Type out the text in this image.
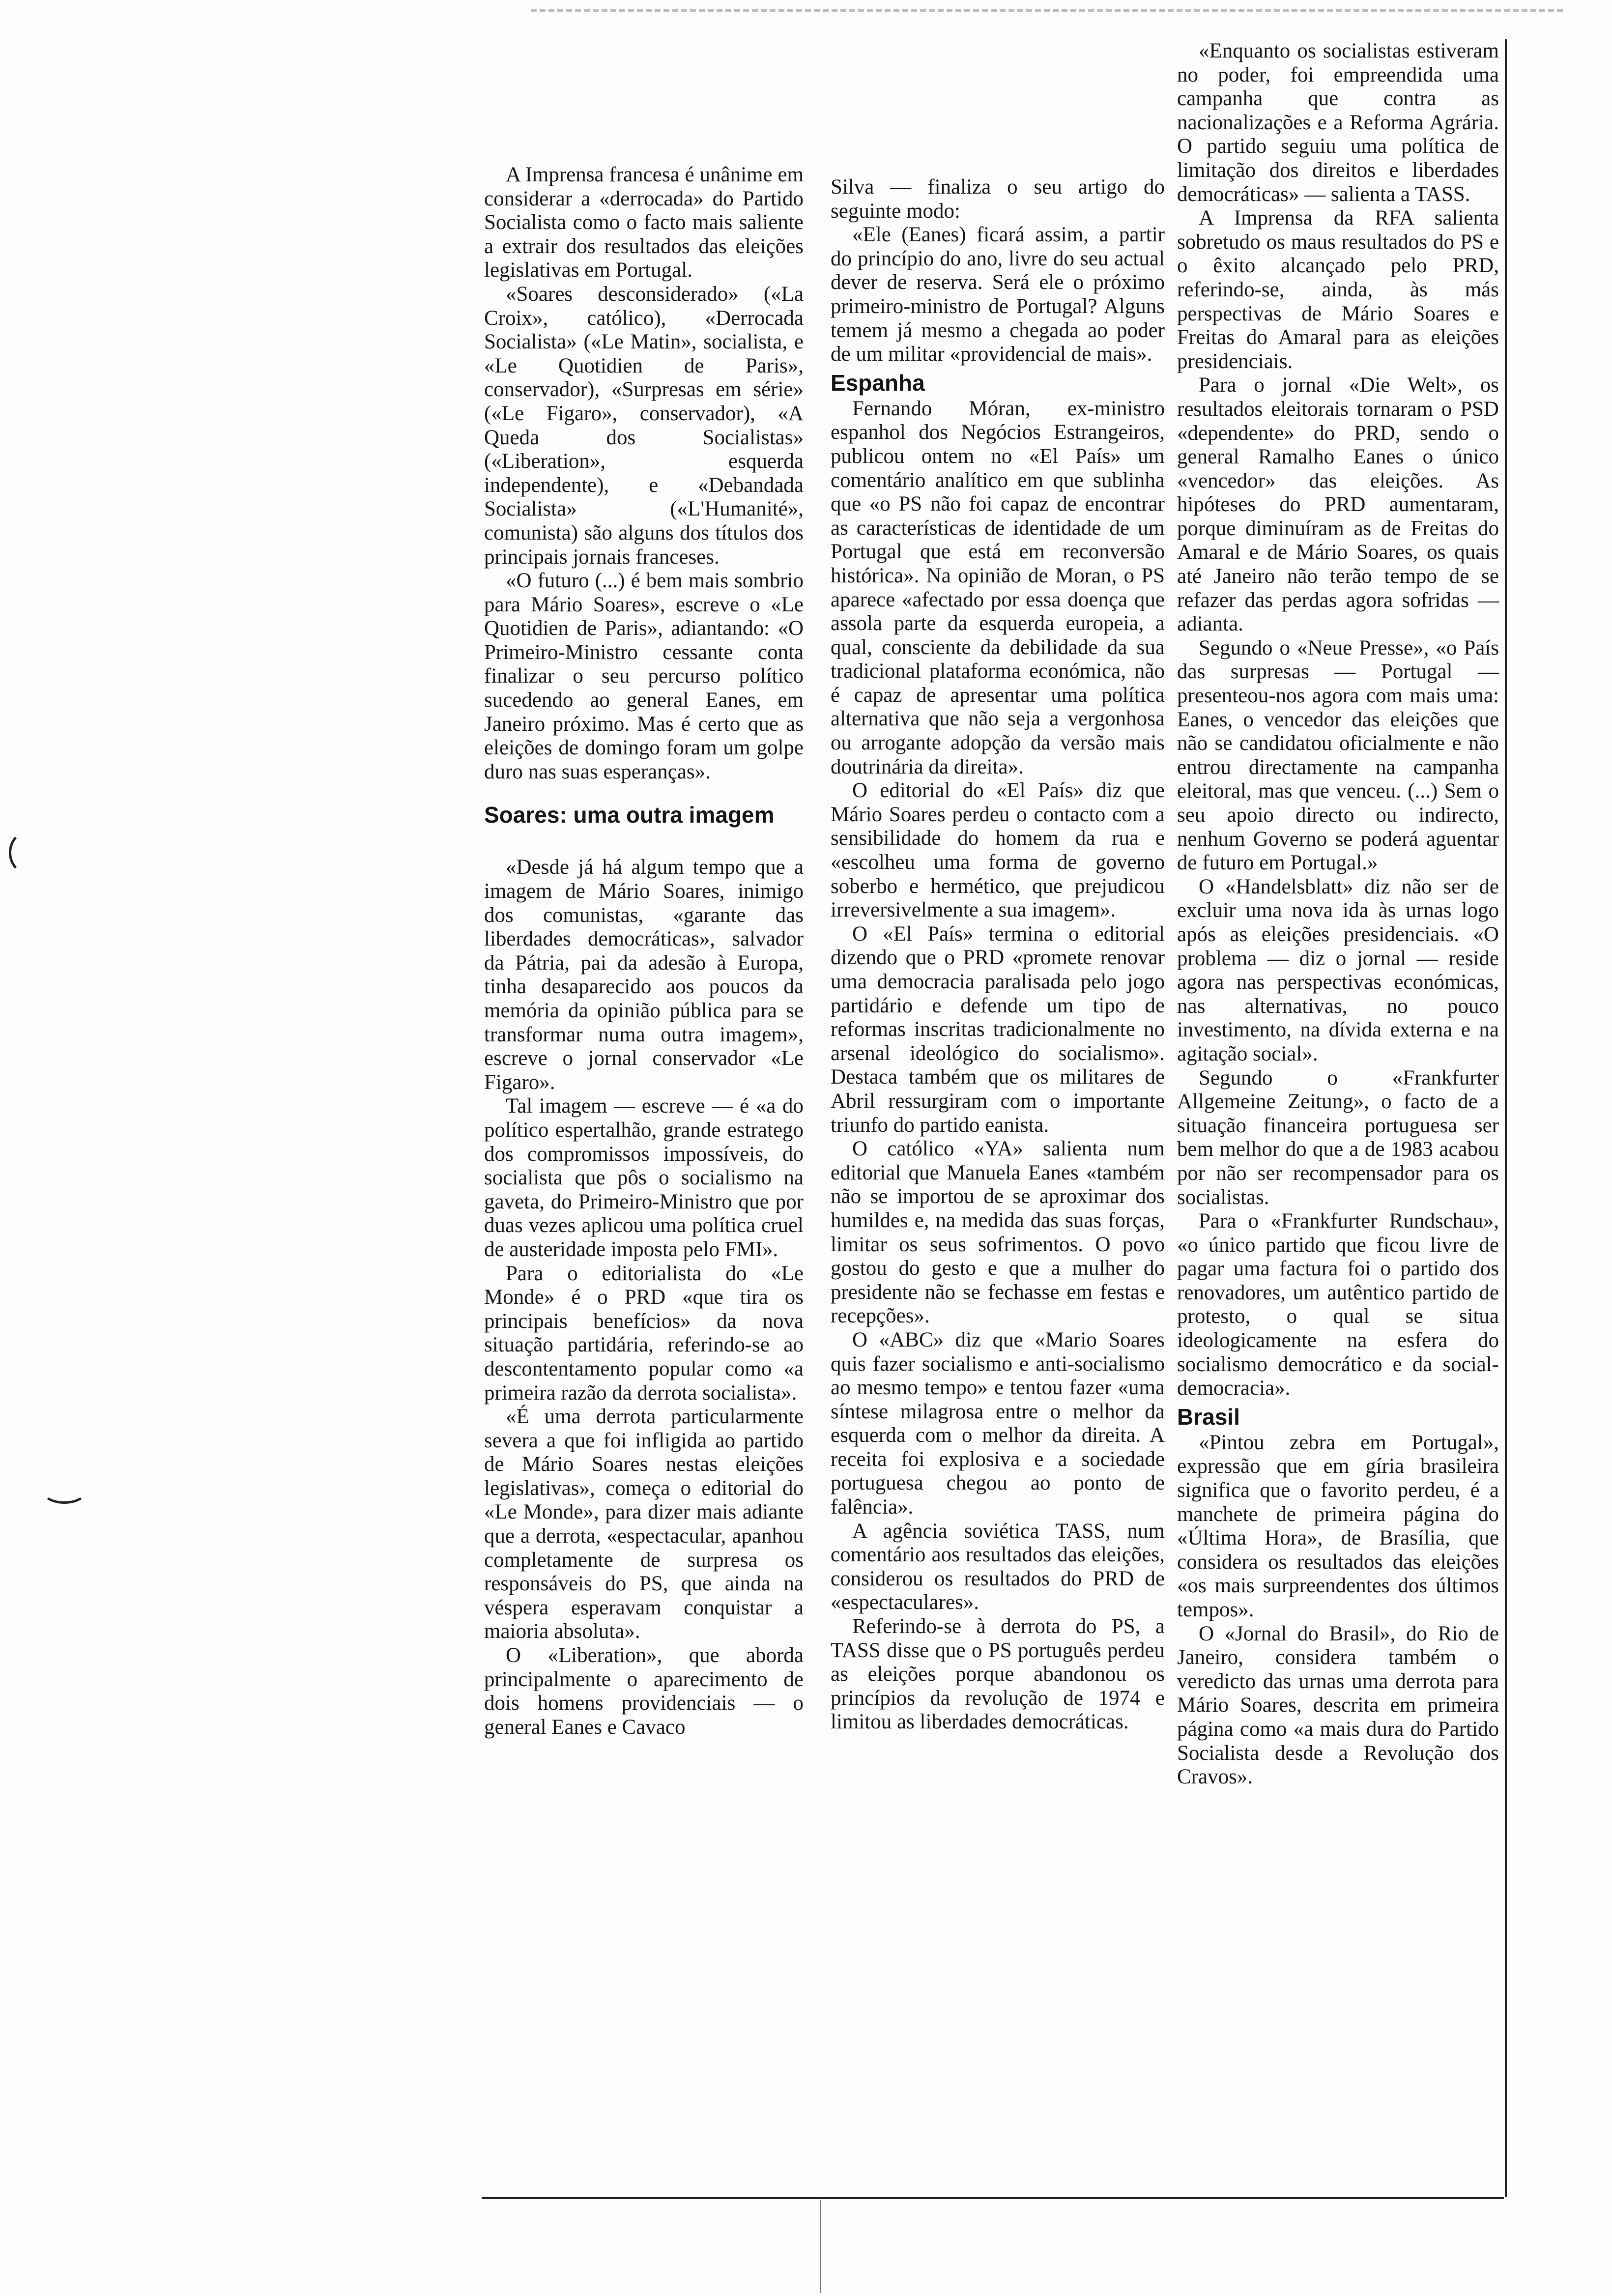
A Imprensa francesa é unânime em considerar a «derrocada» do Partido Socialista como o facto mais saliente a extrair dos resultados das eleições legislativas em Portugal.

«Soares desconsiderado» («La Croix», católico), «Derrocada Socialista» («Le Matin», socialista, e «Le Quotidien de Paris», conservador), «Surpresas em série» («Le Figaro», conservador), «A Queda dos Socialistas» («Liberation», esquerda independente), e «Debandada Socialista» («L'Humanité», comunista) são alguns dos títulos dos principais jornais franceses.

«O futuro (...) é bem mais sombrio para Mário Soares», escreve o «Le Quotidien de Paris», adiantando: «O Primeiro-Ministro cessante conta finalizar o seu percurso político sucedendo ao general Eanes, em Janeiro próximo. Mas é certo que as eleições de domingo foram um golpe duro nas suas esperanças».

Soares: uma outra imagem

«Desde já há algum tempo que a imagem de Mário Soares, inimigo dos comunistas, «garante das liberdades democráticas», salvador da Pátria, pai da adesão à Europa, tinha desaparecido aos poucos da memória da opinião pública para se transformar numa outra imagem», escreve o jornal conservador «Le Figaro».

Tal imagem — escreve — é «a do político espertalhão, grande estratego dos compromissos impossíveis, do socialista que pôs o socialismo na gaveta, do Primeiro-Ministro que por duas vezes aplicou uma política cruel de austeridade imposta pelo FMI».

Para o editorialista do «Le Monde» é o PRD «que tira os principais benefícios» da nova situação partidária, referindo-se ao descontentamento popular como «a primeira razão da derrota socialista».

«É uma derrota particularmente severa a que foi infligida ao partido de Mário Soares nestas eleições legislativas», começa o editorial do «Le Monde», para dizer mais adiante que a derrota, «espectacular, apanhou completamente de surpresa os responsáveis do PS, que ainda na véspera esperavam conquistar a maioria absoluta».

O «Liberation», que aborda principalmente o aparecimento de dois homens providenciais — o general Eanes e Cavaco

Silva — finaliza o seu artigo do seguinte modo:

«Ele (Eanes) ficará assim, a partir do princípio do ano, livre do seu actual dever de reserva. Será ele o próximo primeiro-ministro de Portugal? Alguns temem já mesmo a chegada ao poder de um militar «providencial de mais».

Espanha

Fernando Móran, ex-ministro espanhol dos Negócios Estrangeiros, publicou ontem no «El País» um comentário analítico em que sublinha que «o PS não foi capaz de encontrar as características de identidade de um Portugal que está em reconversão histórica». Na opinião de Moran, o PS aparece «afectado por essa doença que assola parte da esquerda europeia, a qual, consciente da debilidade da sua tradicional plataforma económica, não é capaz de apresentar uma política alternativa que não seja a vergonhosa ou arrogante adopção da versão mais doutrinária da direita».

O editorial do «El País» diz que Mário Soares perdeu o contacto com a sensibilidade do homem da rua e «escolheu uma forma de governo soberbo e hermético, que prejudicou irreversivelmente a sua imagem».

O «El País» termina o editorial dizendo que o PRD «promete renovar uma democracia paralisada pelo jogo partidário e defende um tipo de reformas inscritas tradicionalmente no arsenal ideológico do socialismo». Destaca também que os militares de Abril ressurgiram com o importante triunfo do partido eanista.

O católico «YA» salienta num editorial que Manuela Eanes «também não se importou de se aproximar dos humildes e, na medida das suas forças, limitar os seus sofrimentos. O povo gostou do gesto e que a mulher do presidente não se fechasse em festas e recepções».

O «ABC» diz que «Mario Soares quis fazer socialismo e anti-socialismo ao mesmo tempo» e tentou fazer «uma síntese milagrosa entre o melhor da esquerda com o melhor da direita. A receita foi explosiva e a sociedade portuguesa chegou ao ponto de falência».

A agência soviética TASS, num comentário aos resultados das eleições, considerou os resultados do PRD de «espectaculares».

Referindo-se à derrota do PS, a TASS disse que o PS português perdeu as eleições porque abandonou os princípios da revolução de 1974 e limitou as liberdades democráticas.

«Enquanto os socialistas estiveram no poder, foi empreendida uma campanha que contra as nacionalizações e a Reforma Agrária. O partido seguiu uma política de limitação dos direitos e liberdades democráticas» — salienta a TASS.

A Imprensa da RFA salienta sobretudo os maus resultados do PS e o êxito alcançado pelo PRD, referindo-se, ainda, às más perspectivas de Mário Soares e Freitas do Amaral para as eleições presidenciais.

Para o jornal «Die Welt», os resultados eleitorais tornaram o PSD «dependente» do PRD, sendo o general Ramalho Eanes o único «vencedor» das eleições. As hipóteses do PRD aumentaram, porque diminuíram as de Freitas do Amaral e de Mário Soares, os quais até Janeiro não terão tempo de se refazer das perdas agora sofridas — adianta.

Segundo o «Neue Presse», «o País das surpresas — Portugal — presenteou-nos agora com mais uma: Eanes, o vencedor das eleições que não se candidatou oficialmente e não entrou directamente na campanha eleitoral, mas que venceu. (...) Sem o seu apoio directo ou indirecto, nenhum Governo se poderá aguentar de futuro em Portugal.»

O «Handelsblatt» diz não ser de excluir uma nova ida às urnas logo após as eleições presidenciais. «O problema — diz o jornal — reside agora nas perspectivas económicas, nas alternativas, no pouco investimento, na dívida externa e na agitação social».

Segundo o «Frankfurter Allgemeine Zeitung», o facto de a situação financeira portuguesa ser bem melhor do que a de 1983 acabou por não ser recompensador para os socialistas.

Para o «Frankfurter Rundschau», «o único partido que ficou livre de pagar uma factura foi o partido dos renovadores, um autêntico partido de protesto, o qual se situa ideologicamente na esfera do socialismo democrático e da social-democracia».

Brasil

«Pintou zebra em Portugal», expressão que em gíria brasileira significa que o favorito perdeu, é a manchete de primeira página do «Última Hora», de Brasília, que considera os resultados das eleições «os mais surpreendentes dos últimos tempos».

O «Jornal do Brasil», do Rio de Janeiro, considera também o veredicto das urnas uma derrota para Mário Soares, descrita em primeira página como «a mais dura do Partido Socialista desde a Revolução dos Cravos».
